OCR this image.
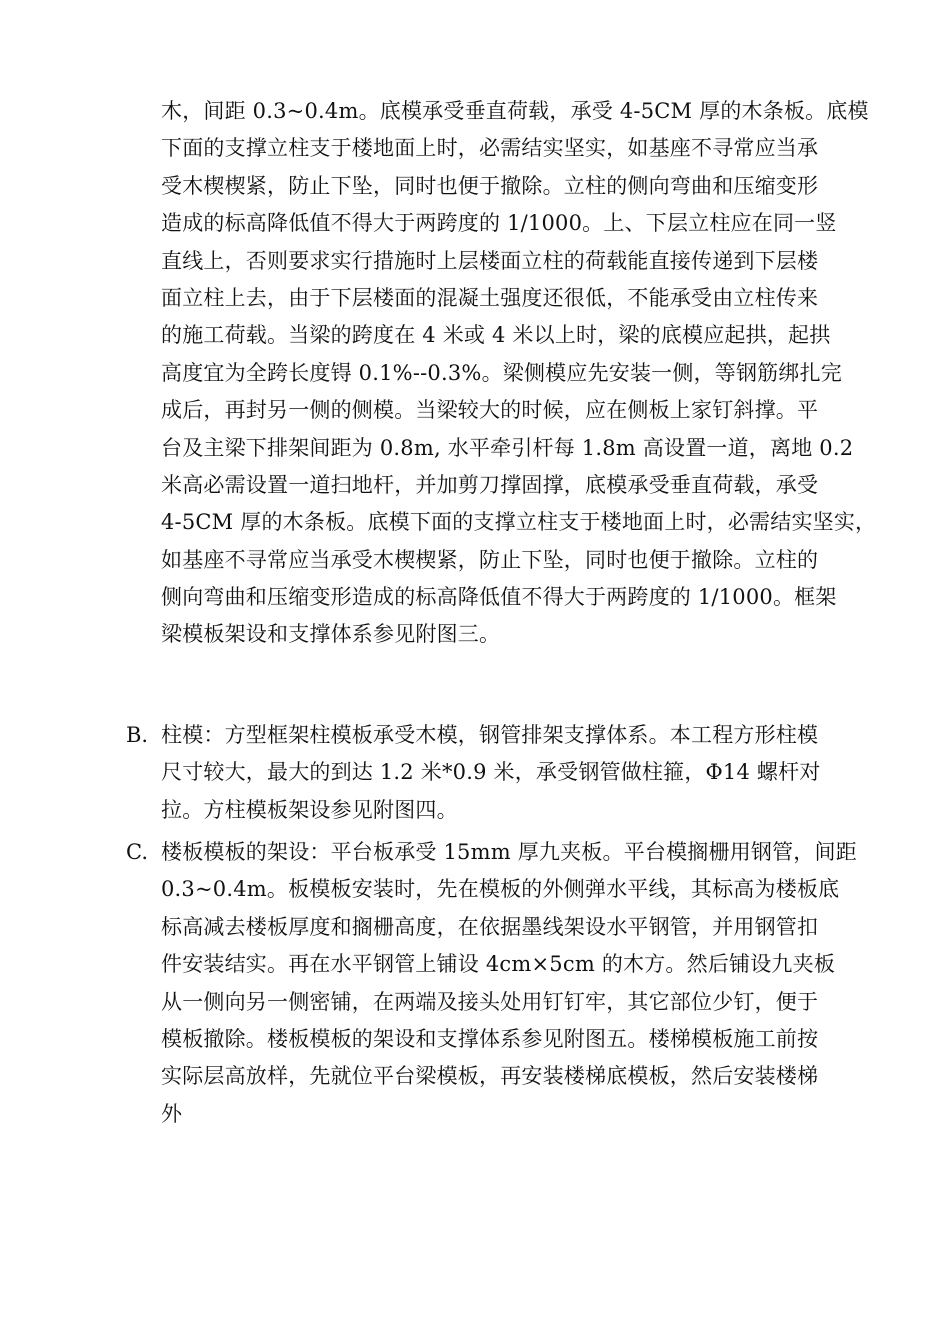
木，间距 0.3~0.4m。底模承受垂直荷载，承受 4-5CM 厚的木条板。底模
下面的支撑立柱支于楼地面上时，必需结实坚实，如基座不寻常应当承
受木楔楔紧，防止下坠，同时也便于撤除。立柱的侧向弯曲和压缩变形
造成的标高降低值不得大于两跨度的 1/1000。上、下层立柱应在同一竖
直线上，否则要求实行措施时上层楼面立柱的荷载能直接传递到下层楼
面立柱上去，由于下层楼面的混凝土强度还很低，不能承受由立柱传来
的施工荷载。当梁的跨度在 4 米或 4 米以上时，梁的底模应起拱，起拱
高度宜为全跨长度锝 0.1%--0.3%。梁侧模应先安装一侧，等钢筋绑扎完
成后，再封另一侧的侧模。当梁较大的时候，应在侧板上家钉斜撑。平
台及主梁下排架间距为 0.8m, 水平牵引杆每 1.8m 高设置一道，离地 0.2
米高必需设置一道扫地杆，并加剪刀撑固撑，底模承受垂直荷载，承受
4-5CM 厚的木条板。底模下面的支撑立柱支于楼地面上时，必需结实坚实，
如基座不寻常应当承受木楔楔紧，防止下坠，同时也便于撤除。立柱的
侧向弯曲和压缩变形造成的标高降低值不得大于两跨度的 1/1000。框架
梁模板架设和支撑体系参见附图三。
B. 柱模：方型框架柱模板承受木模，钢管排架支撑体系。本工程方形柱模
尺寸较大，最大的到达 1.2 米*0.9 米，承受钢管做柱箍，Φ14 螺杆对
拉。方柱模板架设参见附图四。
C. 楼板模板的架设：平台板承受 15mm 厚九夹板。平台模搁栅用钢管，间距
0.3~0.4m。板模板安装时，先在模板的外侧弹水平线，其标高为楼板底
标高减去楼板厚度和搁栅高度，在依据墨线架设水平钢管，并用钢管扣
件安装结实。再在水平钢管上铺设 4cm×5cm 的木方。然后铺设九夹板
从一侧向另一侧密铺，在两端及接头处用钉钉牢，其它部位少钉，便于
模板撤除。楼板模板的架设和支撑体系参见附图五。楼梯模板施工前按
实际层高放样，先就位平台梁模板，再安装楼梯底模板，然后安装楼梯
外
